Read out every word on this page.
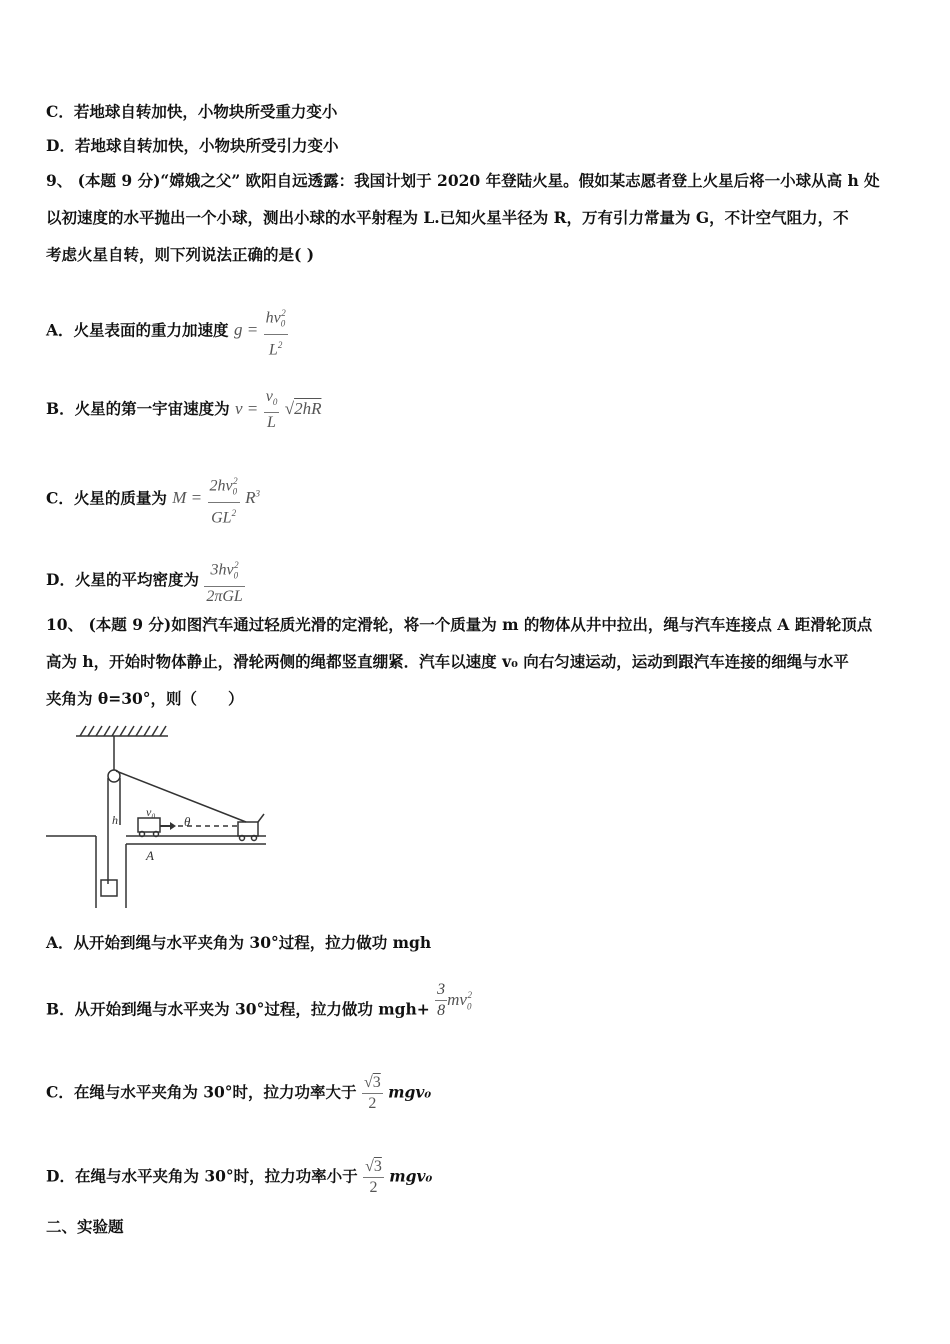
C．若地球自转加快，小物块所受重力变小
D．若地球自转加快，小物块所受引力变小
9、 (本题 9 分)“嫦娥之父” 欧阳自远透露：我国计划于 2020 年登陆火星。假如某志愿者登上火星后将一小球从高 h 处
以初速度的水平抛出一个小球，测出小球的水平射程为 L.已知火星半径为 R，万有引力常量为 G，不计空气阻力，不
考虑火星自转，则下列说法正确的是( )
A．火星表面的重力加速度 $g = \frac{hv_0^2}{L^2}$
B．火星的第一宇宙速度为 $v = \frac{v_0}{L} √2hR$
C．火星的质量为 $M = \frac{2hv_0^2}{GL^2} R^3$
D．火星的平均密度为 $\frac{3hv_0^2}{\text{2πGL}}$
10、 (本题 9 分)如图汽车通过轻质光滑的定滑轮，将一个质量为 m 的物体从井中拉出，绳与汽车连接点 A 距滑轮顶点
高为 h，开始时物体静止，滑轮两侧的绳都竖直绷紧．汽车以速度 v₀ 向右匀速运动，运动到跟汽车连接的细绳与水平
夹角为 θ=30°，则（　　）
h
v₀
θ
A
A．从开始到绳与水平夹角为 30°过程，拉力做功 mgh
B．从开始到绳与水平夹为 30°过程，拉力做功 $mgh+ \frac{3}{8} mv_0^2$
C．在绳与水平夹角为 30°时，拉力功率大于 $\frac{√3}{2} mgv_0$
D．在绳与水平夹角为 30°时，拉力功率小于 $\frac{√3}{2} mgv_0$
二、实验题
